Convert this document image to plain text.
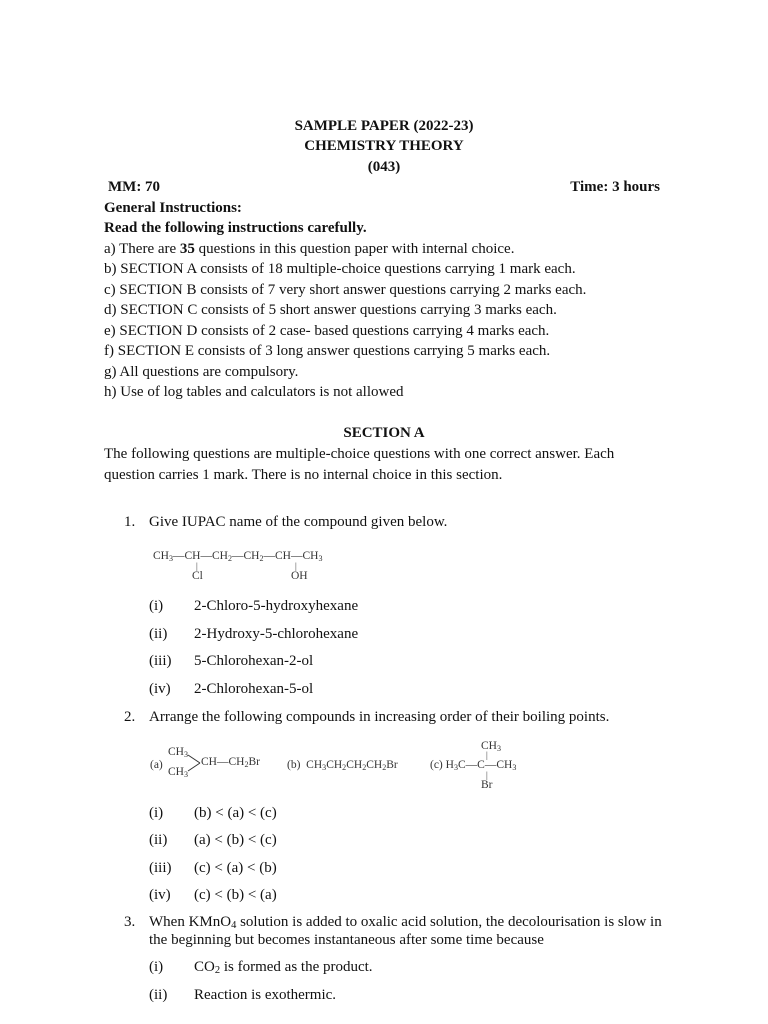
SAMPLE PAPER (2022-23)
CHEMISTRY THEORY
(043)
MM: 70	Time: 3 hours
General Instructions:
Read the following instructions carefully.
a) There are 35 questions in this question paper with internal choice.
b) SECTION A consists of 18 multiple-choice questions carrying 1 mark each.
c) SECTION B consists of 7 very short answer questions carrying 2 marks each.
d) SECTION C consists of 5 short answer questions carrying 3 marks each.
e) SECTION D consists of 2 case- based questions carrying 4 marks each.
f) SECTION E consists of 3 long answer questions carrying 5 marks each.
g) All questions are compulsory.
h) Use of log tables and calculators is not allowed
SECTION A
The following questions are multiple-choice questions with one correct answer. Each
question carries 1 mark. There is no internal choice in this section.
1. Give IUPAC name of the compound given below.
$CH_3—CH—CH_2—CH_2—CH—CH_3$
|
Cl
|
OH
(i) 2-Chloro-5-hydroxyhexane
(ii) 2-Hydroxy-5-chlorohexane
(iii) 5-Chlorohexan-2-ol
(iv) 2-Chlorohexan-5-ol
2. Arrange the following compounds in increasing order of their boiling points.
(a)
$CH_3$
$CH_3$
$CH—CH_2Br$ (b) $CH_3CH_2CH_2CH_2Br$
$CH_3$
|
(c) $H_3C—C—CH_3$
|
Br
(i) (b) < (a) < (c)
(ii) (a) < (b) < (c)
(iii) (c) < (a) < (b)
(iv) (c) < (b) < (a)
3. When KMnO$_4$ solution is added to oxalic acid solution, the decolourisation is slow in
the beginning but becomes instantaneous after some time because
(i) $CO_2$ is formed as the product.
(ii) Reaction is exothermic.
